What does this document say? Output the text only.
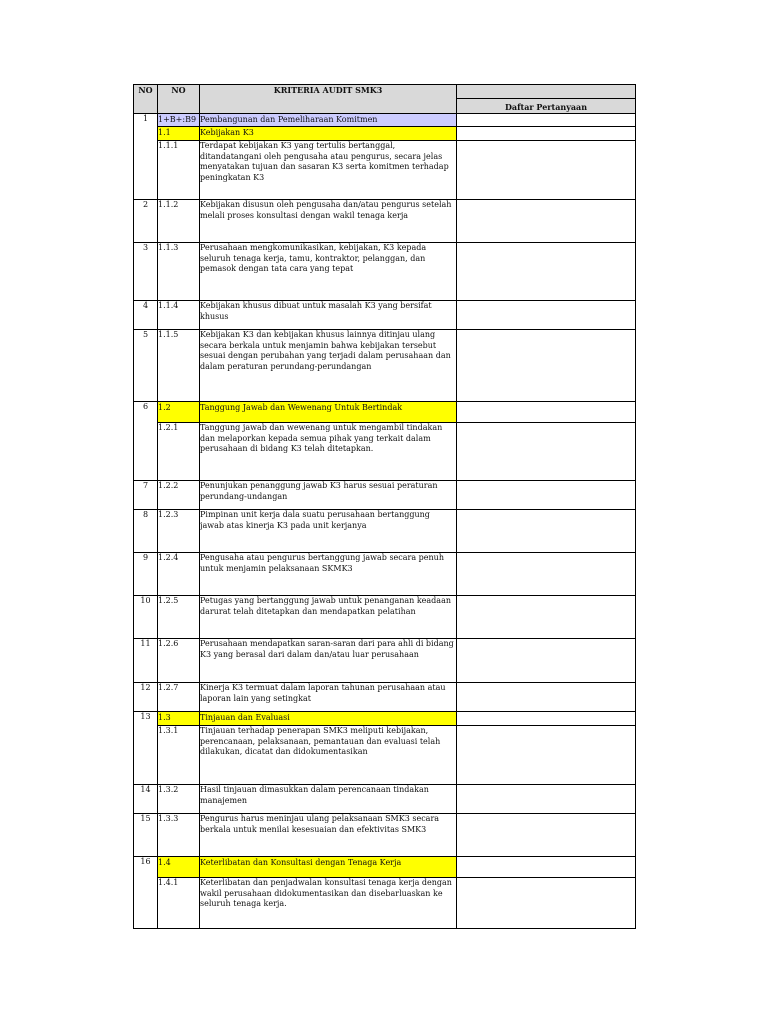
NO	NO	KRITERIA AUDIT SMK3	
			Daftar Pertanyaan
1	1+B+:B9	Pembangunan dan Pemeliharaan Komitmen	
	1.1	Kebijakan K3	
	1.1.1	Terdapat kebijakan K3 yang tertulis bertanggal, ditandatangani oleh pengusaha atau pengurus, secara jelas menyatakan tujuan dan sasaran K3 serta komitmen terhadap peningkatan K3	
2	1.1.2	Kebijakan disusun oleh pengusaha dan/atau pengurus setelah melali proses konsultasi dengan wakil tenaga kerja	
3	1.1.3	Perusahaan mengkomunikasikan, kebijakan, K3 kepada seluruh tenaga kerja, tamu, kontraktor, pelanggan, dan pemasok dengan tata cara yang tepat	
4	1.1.4	Kebijakan khusus dibuat untuk masalah K3 yang bersifat khusus	
5	1.1.5	Kebijakan K3 dan kebijakan khusus lainnya ditinjau ulang secara berkala untuk menjamin bahwa kebijakan tersebut sesuai dengan perubahan yang terjadi dalam perusahaan dan dalam peraturan perundang-perundangan	
6	1.2	Tanggung Jawab dan Wewenang Untuk Bertindak	
	1.2.1	Tanggung jawab dan wewenang untuk mengambil tindakan dan melaporkan kepada semua pihak yang terkait dalam perusahaan di bidang K3 telah ditetapkan.	
7	1.2.2	Penunjukan penanggung jawab K3 harus sesuai peraturan perundang-undangan	
8	1.2.3	Pimpinan unit kerja dala suatu perusahaan bertanggung jawab atas kinerja K3 pada unit kerjanya	
9	1.2.4	Pengusaha atau pengurus bertanggung jawab secara penuh untuk menjamin pelaksanaan SKMK3	
10	1.2.5	Petugas yang bertanggung jawab untuk penanganan keadaan darurat telah ditetapkan dan mendapatkan pelatihan	
11	1.2.6	Perusahaan mendapatkan saran-saran dari para ahli di bidang K3 yang berasal dari dalam dan/atau luar perusahaan	
12	1.2.7	Kinerja K3 termuat dalam laporan tahunan perusahaan atau laporan lain yang setingkat	
13	1.3	Tinjauan dan Evaluasi	
	1.3.1	Tinjauan terhadap penerapan SMK3 meliputi kebijakan, perencanaan, pelaksanaan, pemantauan dan evaluasi telah dilakukan, dicatat dan didokumentasikan	
14	1.3.2	Hasil tinjauan dimasukkan dalam perencanaan tindakan manajemen	
15	1.3.3	Pengurus harus meninjau ulang pelaksanaan SMK3 secara berkala untuk menilai kesesuaian dan efektivitas SMK3	
16	1.4	Keterlibatan dan Konsultasi dengan Tenaga Kerja	
	1.4.1	Keterlibatan dan penjadwalan konsultasi tenaga kerja dengan wakil perusahaan didokumentasikan dan disebarluaskan ke seluruh tenaga kerja.	
